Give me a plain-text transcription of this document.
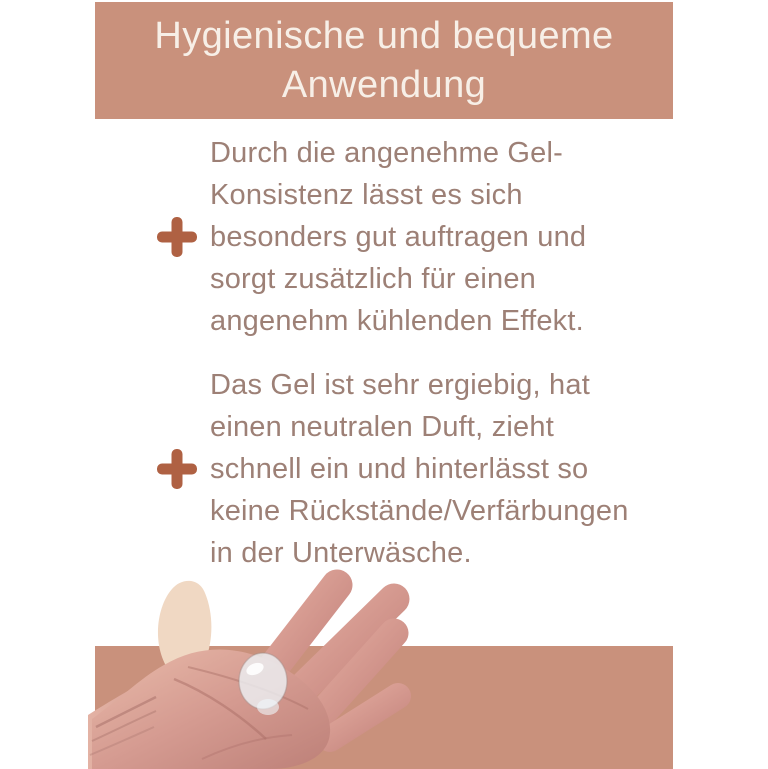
Hygienische und bequeme
Anwendung

Durch die angenehme Gel-
Konsistenz lässt es sich
besonders gut auftragen und
sorgt zusätzlich für einen
angenehm kühlenden Effekt.

Das Gel ist sehr ergiebig, hat
einen neutralen Duft, zieht
schnell ein und hinterlässt so
keine Rückstände/Verfärbungen
in der Unterwäsche.
